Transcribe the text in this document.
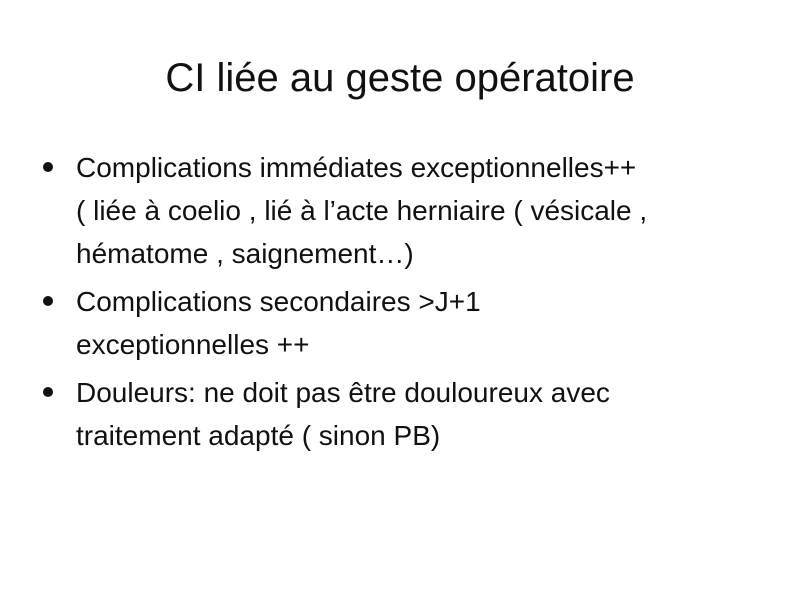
CI liée au geste opératoire
Complications immédiates exceptionnelles++
( liée à coelio , lié à l’acte herniaire ( vésicale ,
hématome , saignement…)
Complications secondaires >J+1
exceptionnelles ++
Douleurs: ne doit pas être douloureux avec
traitement adapté ( sinon PB)
